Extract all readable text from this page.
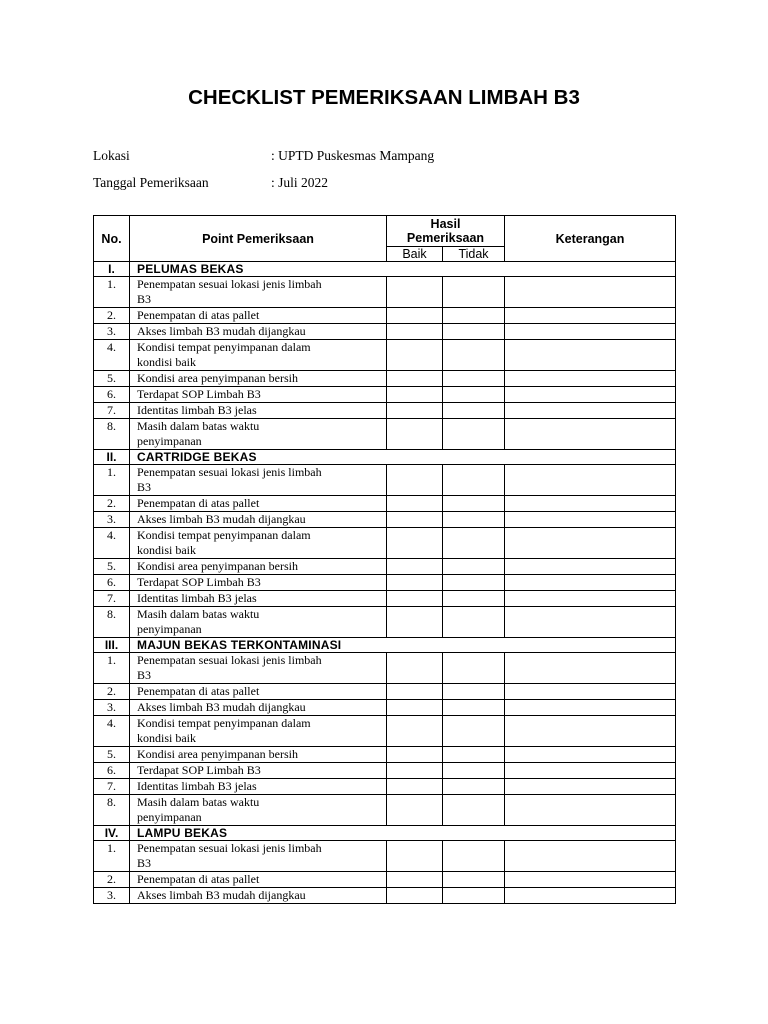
CHECKLIST PEMERIKSAAN LIMBAH B3
Lokasi	: UPTD Puskesmas Mampang
Tanggal Pemeriksaan	: Juli 2022
No.	Point Pemeriksaan	Hasil Pemeriksaan		Keterangan
		Baik	Tidak	
I.	PELUMAS BEKAS			
1.	Penempatan sesuai lokasi jenis limbah B3			
2.	Penempatan di atas pallet			
3.	Akses limbah B3 mudah dijangkau			
4.	Kondisi tempat penyimpanan dalam kondisi baik			
5.	Kondisi area penyimpanan bersih			
6.	Terdapat SOP Limbah B3			
7.	Identitas limbah B3 jelas			
8.	Masih dalam batas waktu penyimpanan			
II.	CARTRIDGE BEKAS			
1.	Penempatan sesuai lokasi jenis limbah B3			
2.	Penempatan di atas pallet			
3.	Akses limbah B3 mudah dijangkau			
4.	Kondisi tempat penyimpanan dalam kondisi baik			
5.	Kondisi area penyimpanan bersih			
6.	Terdapat SOP Limbah B3			
7.	Identitas limbah B3 jelas			
8.	Masih dalam batas waktu penyimpanan			
III.	MAJUN BEKAS TERKONTAMINASI			
1.	Penempatan sesuai lokasi jenis limbah B3			
2.	Penempatan di atas pallet			
3.	Akses limbah B3 mudah dijangkau			
4.	Kondisi tempat penyimpanan dalam kondisi baik			
5.	Kondisi area penyimpanan bersih			
6.	Terdapat SOP Limbah B3			
7.	Identitas limbah B3 jelas			
8.	Masih dalam batas waktu penyimpanan			
IV.	LAMPU BEKAS			
1.	Penempatan sesuai lokasi jenis limbah B3			
2.	Penempatan di atas pallet			
3.	Akses limbah B3 mudah dijangkau			
